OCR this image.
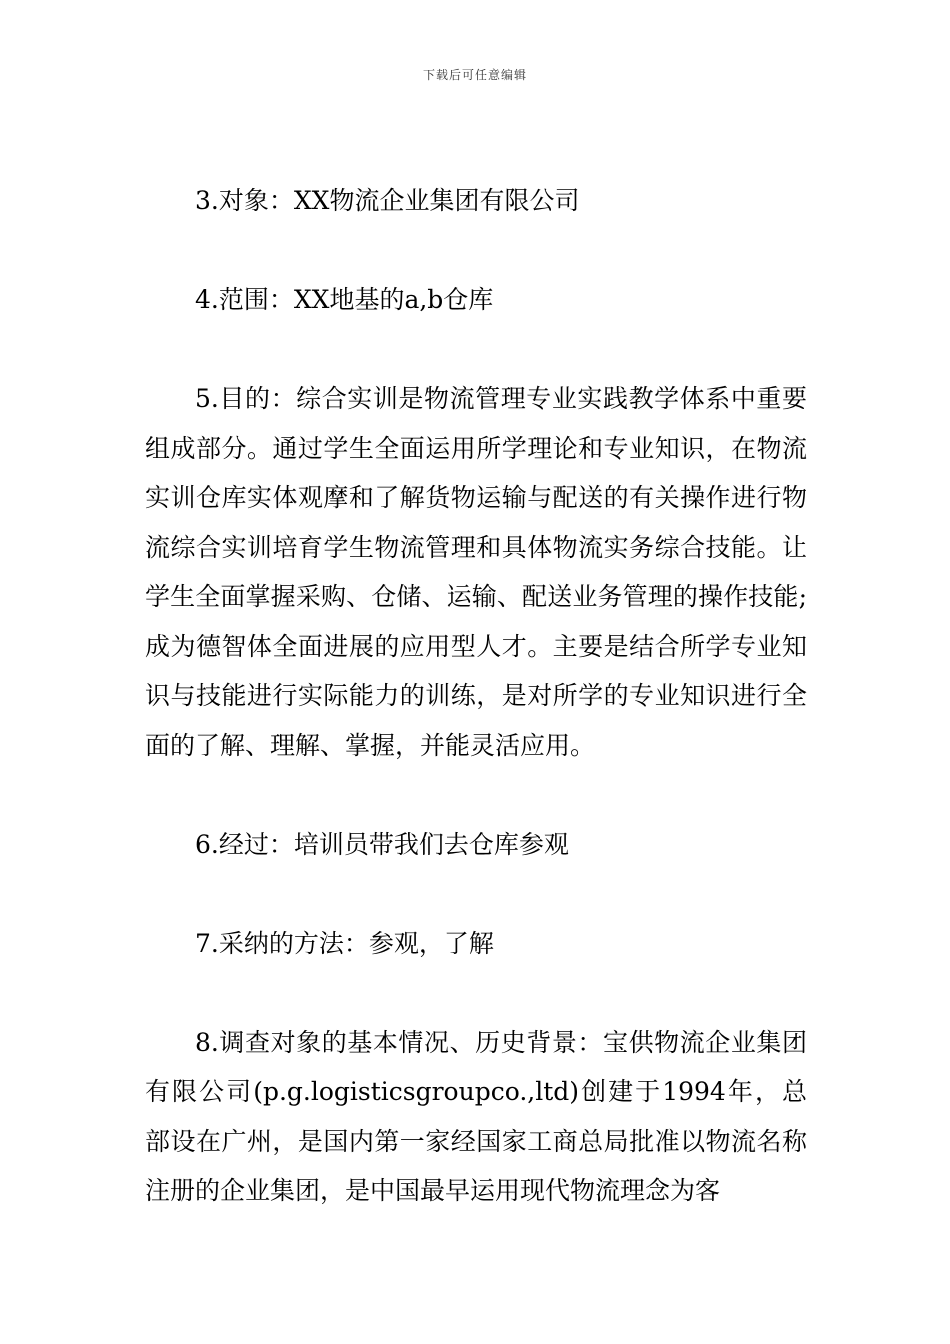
下载后可任意编辑

3.对象：XX物流企业集团有限公司

4.范围：XX地基的a,b仓库

5.目的：综合实训是物流管理专业实践教学体系中重要组成部分。通过学生全面运用所学理论和专业知识，在物流实训仓库实体观摩和了解货物运输与配送的有关操作进行物流综合实训培育学生物流管理和具体物流实务综合技能。让学生全面掌握采购、仓储、运输、配送业务管理的操作技能;成为德智体全面进展的应用型人才。主要是结合所学专业知识与技能进行实际能力的训练，是对所学的专业知识进行全面的了解、理解、掌握，并能灵活应用。

6.经过：培训员带我们去仓库参观

7.采纳的方法：参观，了解

8.调查对象的基本情况、历史背景：宝供物流企业集团有限公司(p.g.logisticsgroupco.,ltd)创建于1994年，总部设在广州，是国内第一家经国家工商总局批准以物流名称注册的企业集团，是中国最早运用现代物流理念为客
